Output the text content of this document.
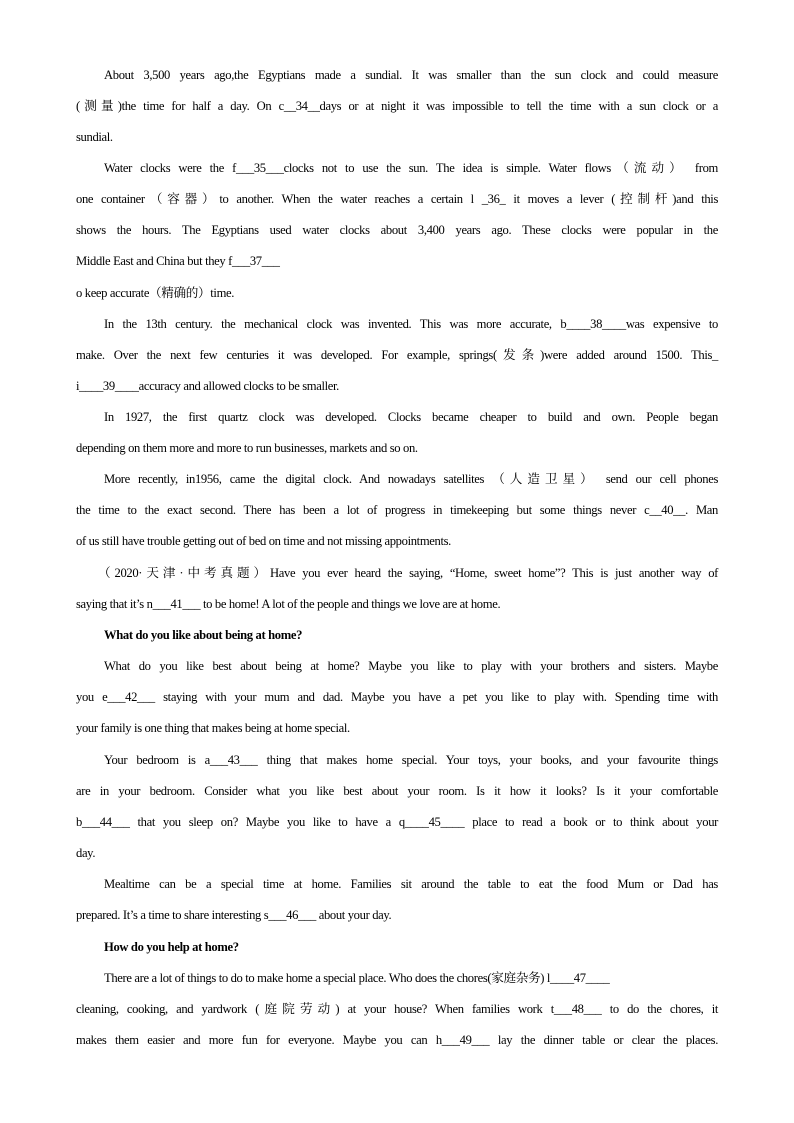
About 3,500 years ago,the Egyptians made a sundial. It was smaller than the sun clock and could measure
(测量)the time for half a day. On c__34__days or at night it was impossible to tell the time with a sun clock or a
sundial.
Water clocks were the f___35___clocks not to use the sun. The idea is simple. Water flows（流动） from
one container（容器）to another. When the water reaches a certain l _36_ it moves a lever (控制杆)and this
shows the hours. The Egyptians used water clocks about 3,400 years ago. These clocks were popular in the
Middle East and China but they f___37___
o keep accurate（精确的）time.
In the 13th century. the mechanical clock was invented. This was more accurate, b____38____was expensive to
make. Over the next few centuries it was developed. For example, springs(发条)were added around 1500. This_
i____39____accuracy and allowed clocks to be smaller.
In 1927, the first quartz clock was developed. Clocks became cheaper to build and own. People began
depending on them more and more to run businesses, markets and so on.
More recently, in1956, came the digital clock. And nowadays satellites （人造卫星） send our cell phones
the time to the exact second. There has been a lot of progress in timekeeping but some things never c__40__. Man
of us still have trouble getting out of bed on time and not missing appointments.
（2020·天津·中考真题）Have you ever heard the saying, “Home, sweet home”? This is just another way of
saying that it’s n___41___ to be home! A lot of the people and things we love are at home.
What do you like about being at home?
What do you like best about being at home? Maybe you like to play with your brothers and sisters. Maybe
you e___42___ staying with your mum and dad. Maybe you have a pet you like to play with. Spending time with
your family is one thing that makes being at home special.
Your bedroom is a___43___ thing that makes home special. Your toys, your books, and your favourite things
are in your bedroom. Consider what you like best about your room. Is it how it looks? Is it your comfortable
b___44___ that you sleep on? Maybe you like to have a q____45____ place to read a book or to think about your
day.
Mealtime can be a special time at home. Families sit around the table to eat the food Mum or Dad has
prepared. It’s a time to share interesting s___46___ about your day.
How do you help at home?
There are a lot of things to do to make home a special place. Who does the chores(家庭杂务) l____47____
cleaning, cooking, and yardwork (庭院劳动) at your house? When families work t___48___ to do the chores, it
makes them easier and more fun for everyone. Maybe you can h___49___ lay the dinner table or clear the places.
